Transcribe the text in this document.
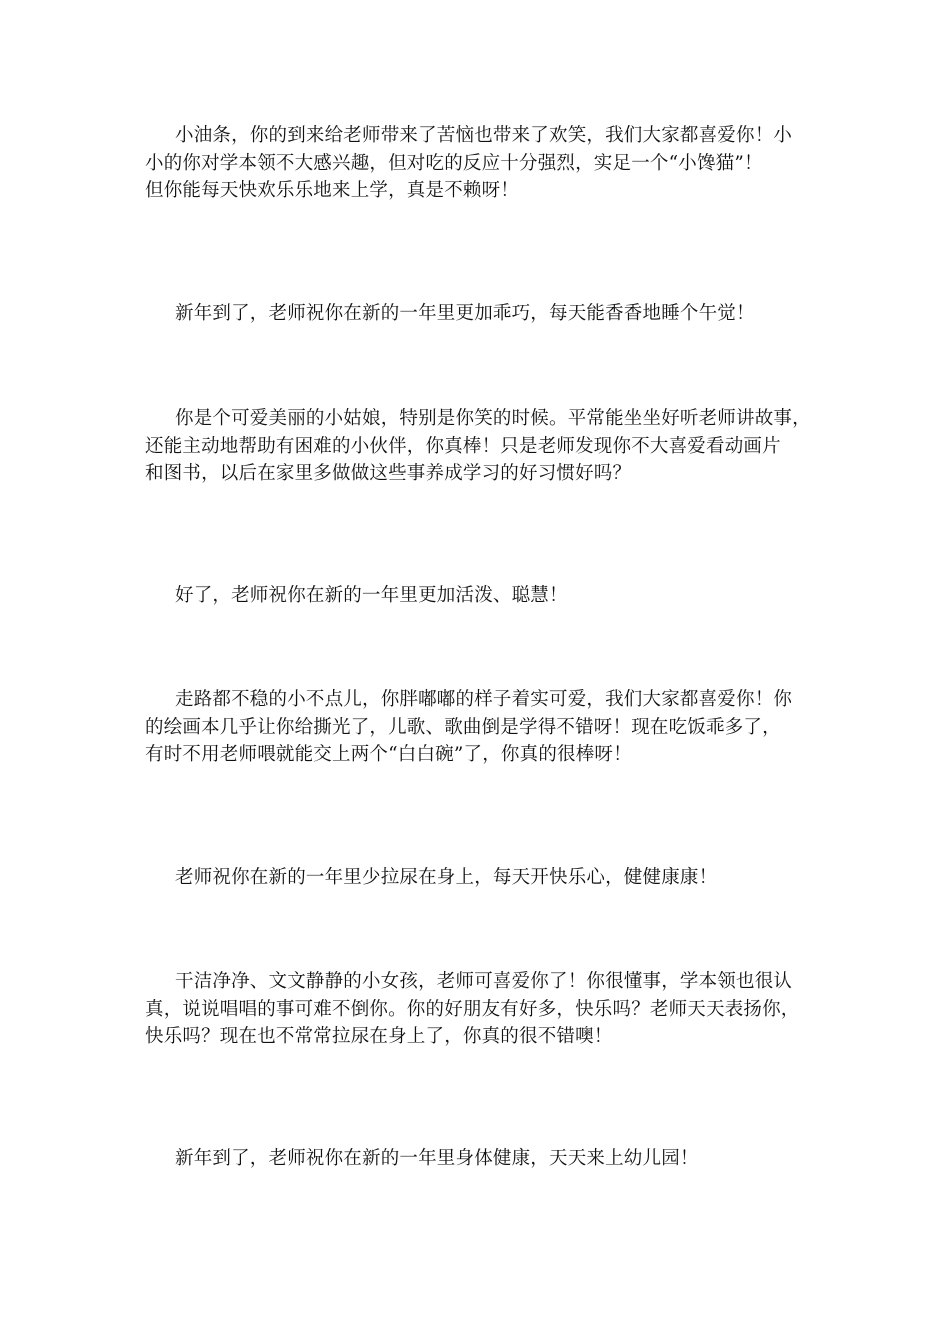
小油条，你的到来给老师带来了苦恼也带来了欢笑，我们大家都喜爱你！小
小的你对学本领不大感兴趣，但对吃的反应十分强烈，实足一个“小馋猫”！
但你能每天快欢乐乐地来上学，真是不赖呀！
新年到了，老师祝你在新的一年里更加乖巧，每天能香香地睡个午觉！
你是个可爱美丽的小姑娘，特别是你笑的时候。平常能坐坐好听老师讲故事，
还能主动地帮助有困难的小伙伴，你真棒！只是老师发现你不大喜爱看动画片
和图书，以后在家里多做做这些事养成学习的好习惯好吗？
好了，老师祝你在新的一年里更加活泼、聪慧！
走路都不稳的小不点儿，你胖嘟嘟的样子着实可爱，我们大家都喜爱你！你
的绘画本几乎让你给撕光了，儿歌、歌曲倒是学得不错呀！现在吃饭乖多了，
有时不用老师喂就能交上两个“白白碗”了，你真的很棒呀！
老师祝你在新的一年里少拉尿在身上，每天开快乐心，健健康康！
干洁净净、文文静静的小女孩，老师可喜爱你了！你很懂事，学本领也很认
真，说说唱唱的事可难不倒你。你的好朋友有好多，快乐吗？老师天天表扬你，
快乐吗？现在也不常常拉尿在身上了，你真的很不错噢！
新年到了，老师祝你在新的一年里身体健康，天天来上幼儿园！
